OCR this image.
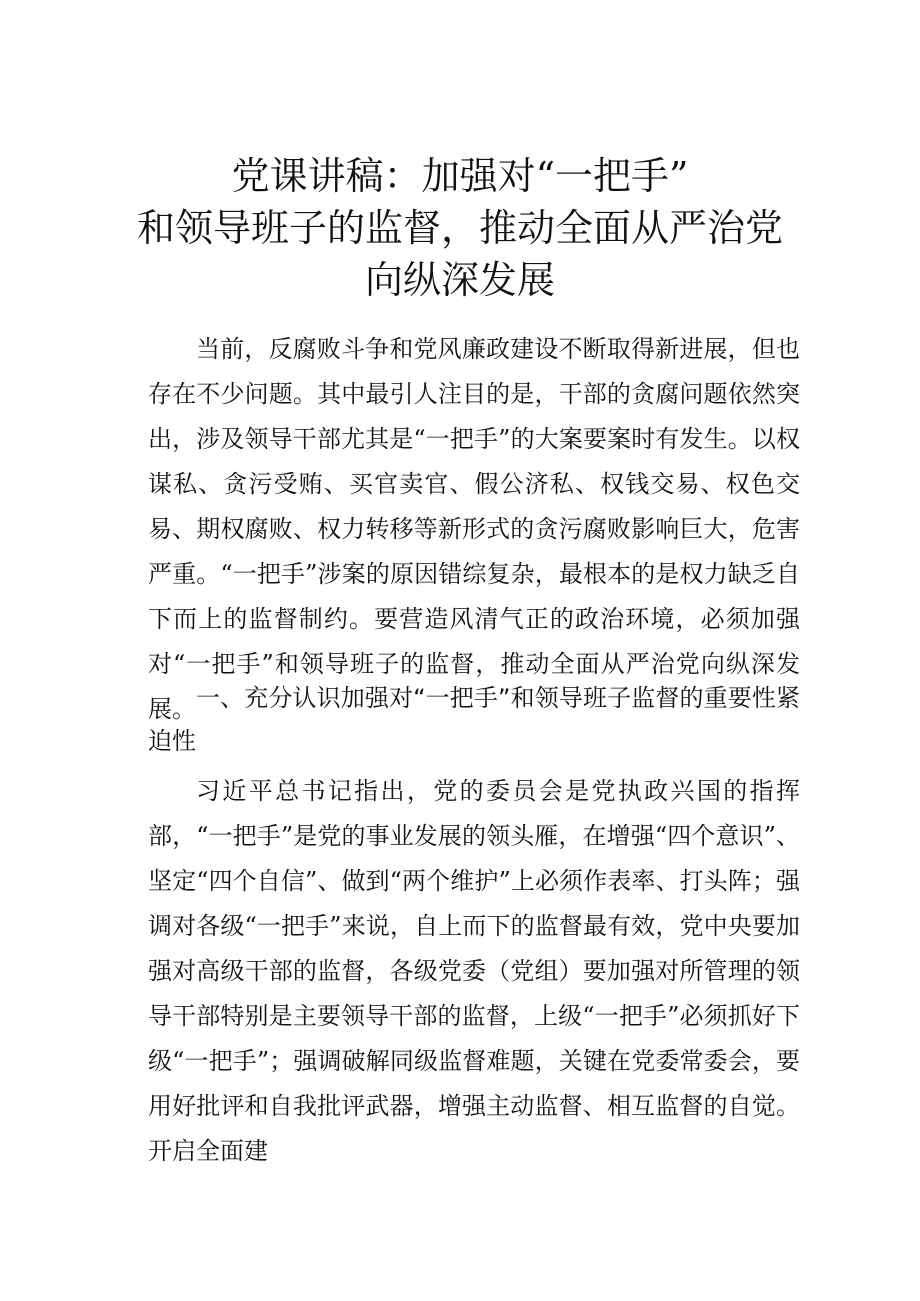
党课讲稿：加强对“一把手”
和领导班子的监督，推动全面从严治党
向纵深发展

当前，反腐败斗争和党风廉政建设不断取得新进展，但也存在不少问题。其中最引人注目的是，干部的贪腐问题依然突出，涉及领导干部尤其是“一把手”的大案要案时有发生。以权谋私、贪污受贿、买官卖官、假公济私、权钱交易、权色交易、期权腐败、权力转移等新形式的贪污腐败影响巨大，危害严重。“一把手”涉案的原因错综复杂，最根本的是权力缺乏自下而上的监督制约。要营造风清气正的政治环境，必须加强对“一把手”和领导班子的监督，推动全面从严治党向纵深发展。 一、充分认识加强对“一把手”和领导班子监督的重要性紧迫性

习近平总书记指出，党的委员会是党执政兴国的指挥部，“一把手”是党的事业发展的领头雁，在增强“四个意识”、坚定“四个自信”、做到“两个维护”上必须作表率、打头阵；强调对各级“一把手”来说，自上而下的监督最有效，党中央要加强对高级干部的监督，各级党委（党组）要加强对所管理的领导干部特别是主要领导干部的监督，上级“一把手”必须抓好下级“一把手”；强调破解同级监督难题，关键在党委常委会，要用好批评和自我批评武器，增强主动监督、相互监督的自觉。开启全面建
